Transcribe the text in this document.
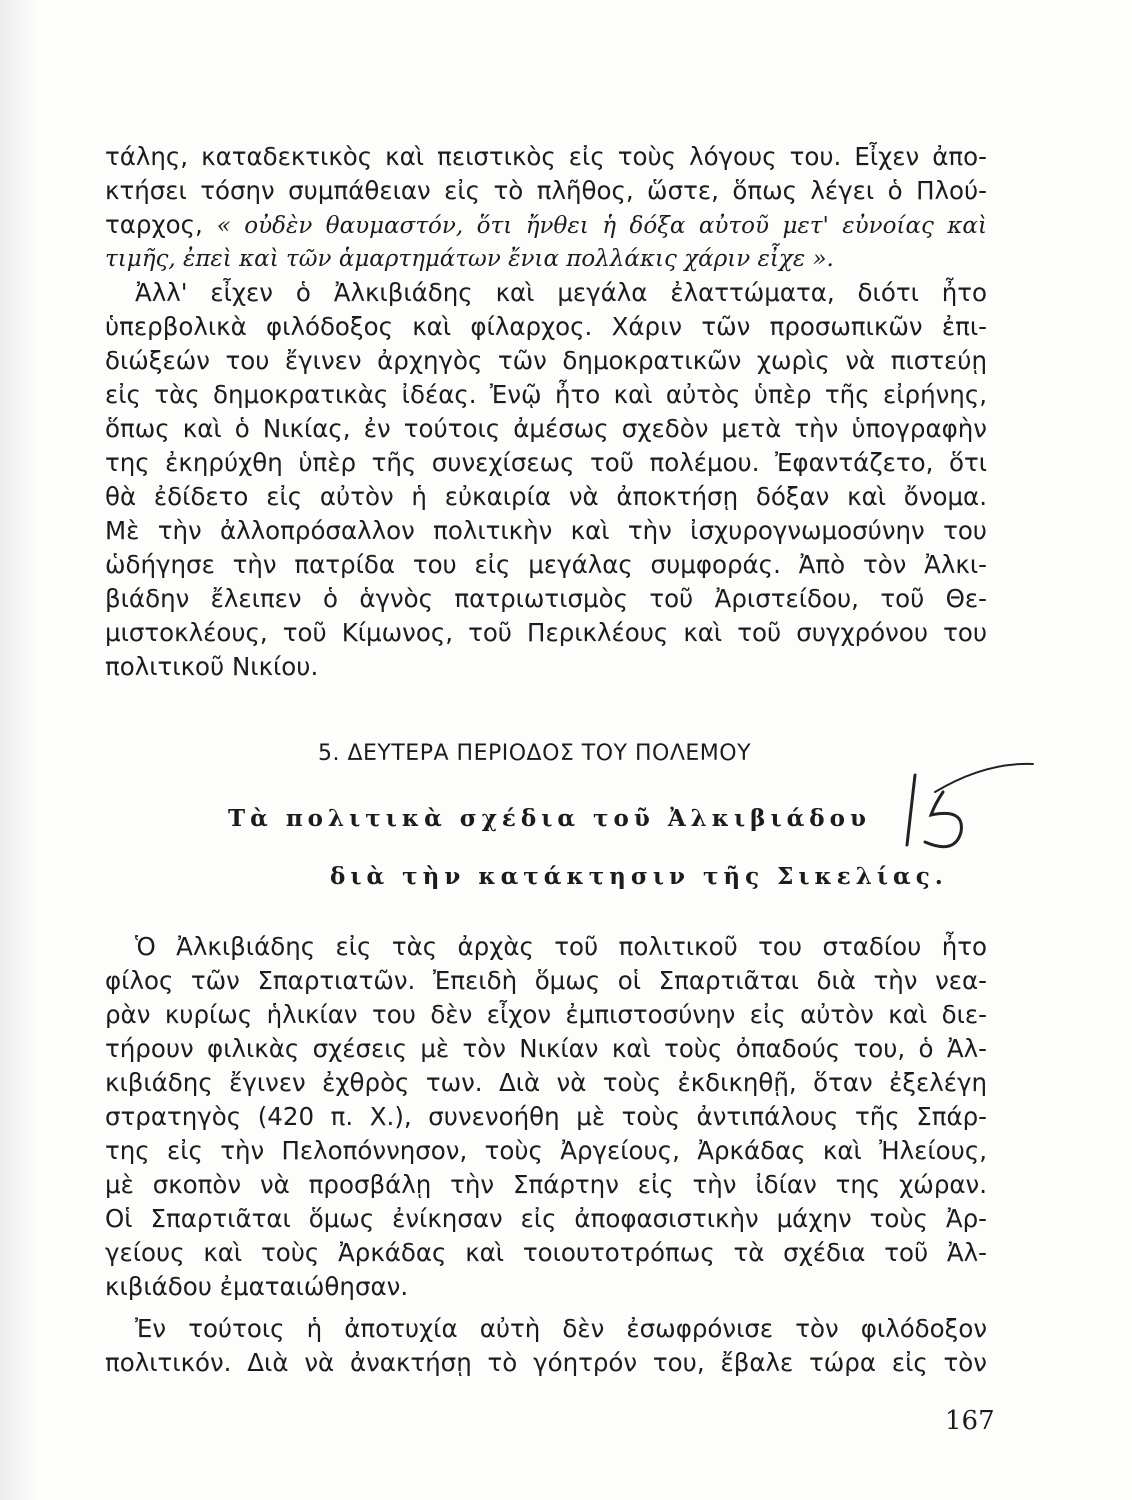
τάλης, καταδεκτικὸς καὶ πειστικὸς εἰς τοὺς λόγους του. Εἶχεν ἀπο-
κτήσει τόσην συμπάθειαν εἰς τὸ πλῆθος, ὥστε, ὅπως λέγει ὁ Πλού-
ταρχος, « οὐδὲν θαυμαστόν, ὅτι ἤνθει ἡ δόξα αὐτοῦ μετ' εὐνοίας καὶ
τιμῆς, ἐπεὶ καὶ τῶν ἁμαρτημάτων ἔνια πολλάκις χάριν εἶχε ».
Ἀλλ' εἶχεν ὁ Ἀλκιβιάδης καὶ μεγάλα ἐλαττώματα, διότι ἦτο
ὑπερβολικὰ φιλόδοξος καὶ φίλαρχος. Χάριν τῶν προσωπικῶν ἐπι-
διώξεών του ἔγινεν ἀρχηγὸς τῶν δημοκρατικῶν χωρὶς νὰ πιστεύῃ
εἰς τὰς δημοκρατικὰς ἰδέας. Ἐνῷ ἦτο καὶ αὐτὸς ὑπὲρ τῆς εἰρήνης,
ὅπως καὶ ὁ Νικίας, ἐν τούτοις ἀμέσως σχεδὸν μετὰ τὴν ὑπογραφὴν
της ἐκηρύχθη ὑπὲρ τῆς συνεχίσεως τοῦ πολέμου. Ἐφαντάζετο, ὅτι
θὰ ἐδίδετο εἰς αὐτὸν ἡ εὐκαιρία νὰ ἀποκτήσῃ δόξαν καὶ ὄνομα.
Μὲ τὴν ἀλλοπρόσαλλον πολιτικὴν καὶ τὴν ἰσχυρογνωμοσύνην του
ὡδήγησε τὴν πατρίδα του εἰς μεγάλας συμφοράς. Ἀπὸ τὸν Ἀλκι-
βιάδην ἔλειπεν ὁ ἁγνὸς πατριωτισμὸς τοῦ Ἀριστείδου, τοῦ Θε-
μιστοκλέους, τοῦ Κίμωνος, τοῦ Περικλέους καὶ τοῦ συγχρόνου του
πολιτικοῦ Νικίου.
5. ΔΕΥΤΕΡΑ ΠΕΡΙΟΔΟΣ ΤΟΥ ΠΟΛΕΜΟΥ
Τὰ πολιτικὰ σχέδια τοῦ Ἀλκιβιάδου
διὰ τὴν κατάκτησιν τῆς Σικελίας.
Ὁ Ἀλκιβιάδης εἰς τὰς ἀρχὰς τοῦ πολιτικοῦ του σταδίου ἦτο
φίλος τῶν Σπαρτιατῶν. Ἐπειδὴ ὅμως οἱ Σπαρτιᾶται διὰ τὴν νεα-
ρὰν κυρίως ἡλικίαν του δὲν εἶχον ἐμπιστοσύνην εἰς αὐτὸν καὶ διε-
τήρουν φιλικὰς σχέσεις μὲ τὸν Νικίαν καὶ τοὺς ὀπαδούς του, ὁ Ἀλ-
κιβιάδης ἔγινεν ἐχθρὸς των. Διὰ νὰ τοὺς ἐκδικηθῇ, ὅταν ἐξελέγη
στρατηγὸς (420 π. Χ.), συνενοήθη μὲ τοὺς ἀντιπάλους τῆς Σπάρ-
της εἰς τὴν Πελοπόννησον, τοὺς Ἀργείους, Ἀρκάδας καὶ Ἠλείους,
μὲ σκοπὸν νὰ προσβάλῃ τὴν Σπάρτην εἰς τὴν ἰδίαν της χώραν.
Οἱ Σπαρτιᾶται ὅμως ἐνίκησαν εἰς ἀποφασιστικὴν μάχην τοὺς Ἀρ-
γείους καὶ τοὺς Ἀρκάδας καὶ τοιουτοτρόπως τὰ σχέδια τοῦ Ἀλ-
κιβιάδου ἐματαιώθησαν.
Ἐν τούτοις ἡ ἀποτυχία αὐτὴ δὲν ἐσωφρόνισε τὸν φιλόδοξον
πολιτικόν. Διὰ νὰ ἀνακτήσῃ τὸ γόητρόν του, ἔβαλε τώρα εἰς τὸν
167
